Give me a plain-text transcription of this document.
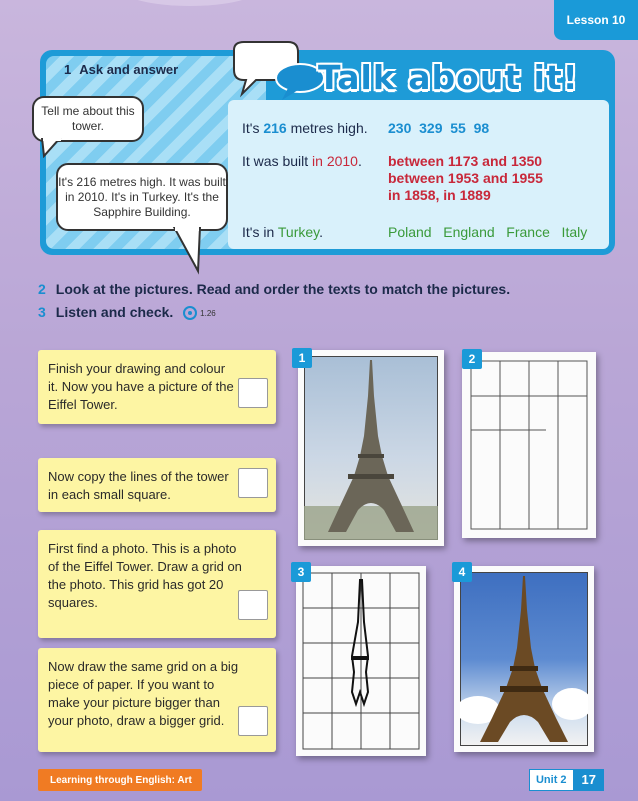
Lesson 10
1 Ask and answer	Talk about it!
Tell me about this tower.
It's 216 metres high. It was built in 2010. It's in Turkey. It's the Sapphire Building.
It's 216 metres high. 230  329  55  98
It was built in 2010. between 1173 and 1350
between 1953 and 1955
in 1858, in 1889
It's in Turkey.	Poland   England   France   Italy
2 Look at the pictures. Read and order the texts to match the pictures.
3 Listen and check.	1.26
Finish your drawing and colour it. Now you have a picture of the Eiffel Tower.
Now copy the lines of the tower in each small square.
First find a photo. This is a photo of the Eiffel Tower. Draw a grid on the photo. This grid has got 20 squares.
Now draw the same grid on a big piece of paper. If you want to make your picture bigger than your photo, draw a bigger grid.
1	2
3	4
Learning through English: Art	Unit 2	17
